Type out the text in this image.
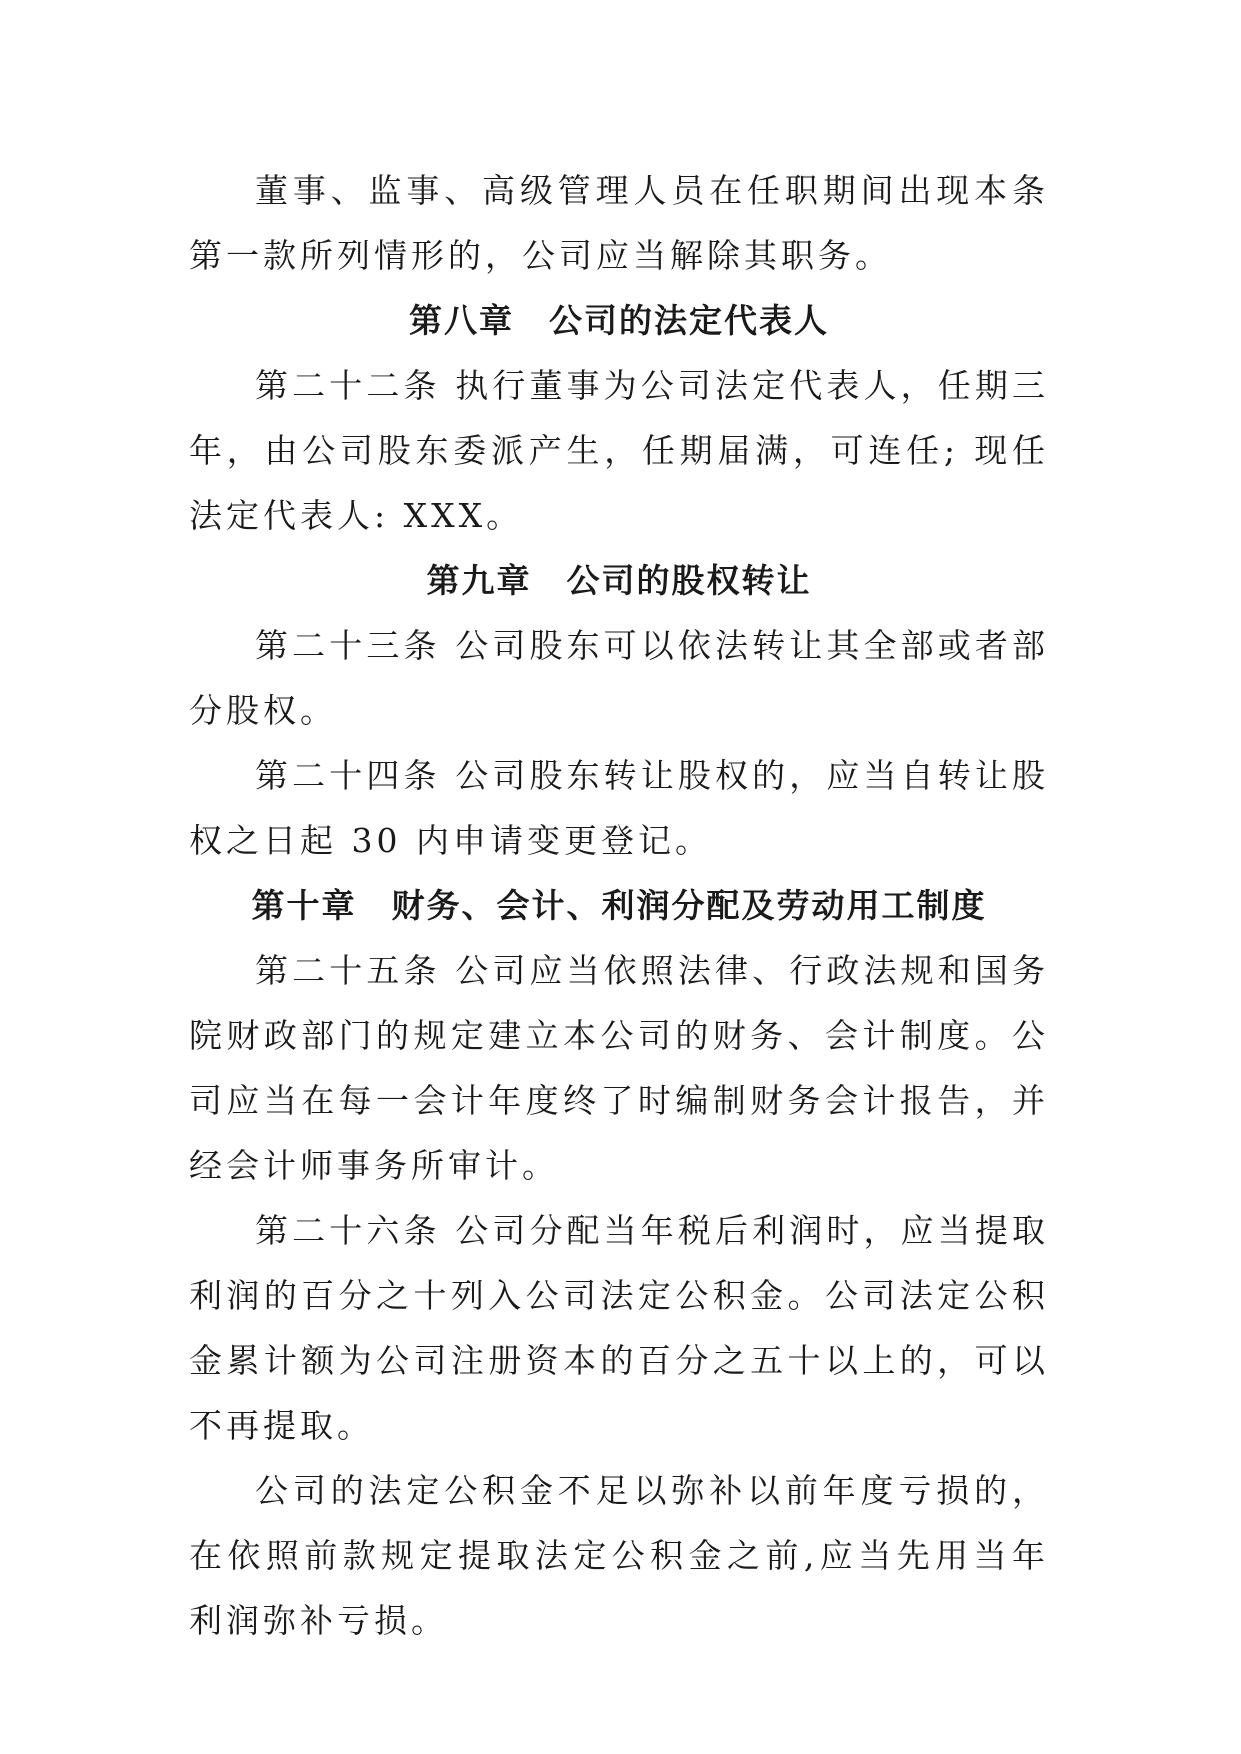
董事、监事、高级管理人员在任职期间出现本条第一款所列情形的，公司应当解除其职务。

第八章　公司的法定代表人

第二十二条 执行董事为公司法定代表人，任期三年，由公司股东委派产生，任期届满，可连任; 现任法定代表人: XXX。

第九章　公司的股权转让

第二十三条 公司股东可以依法转让其全部或者部分股权。

第二十四条 公司股东转让股权的，应当自转让股权之日起 30 内申请变更登记。

第十章　财务、会计、利润分配及劳动用工制度

第二十五条 公司应当依照法律、行政法规和国务院财政部门的规定建立本公司的财务、会计制度。公司应当在每一会计年度终了时编制财务会计报告，并经会计师事务所审计。

第二十六条 公司分配当年税后利润时，应当提取利润的百分之十列入公司法定公积金。公司法定公积金累计额为公司注册资本的百分之五十以上的，可以不再提取。

公司的法定公积金不足以弥补以前年度亏损的，在依照前款规定提取法定公积金之前,应当先用当年利润弥补亏损。
